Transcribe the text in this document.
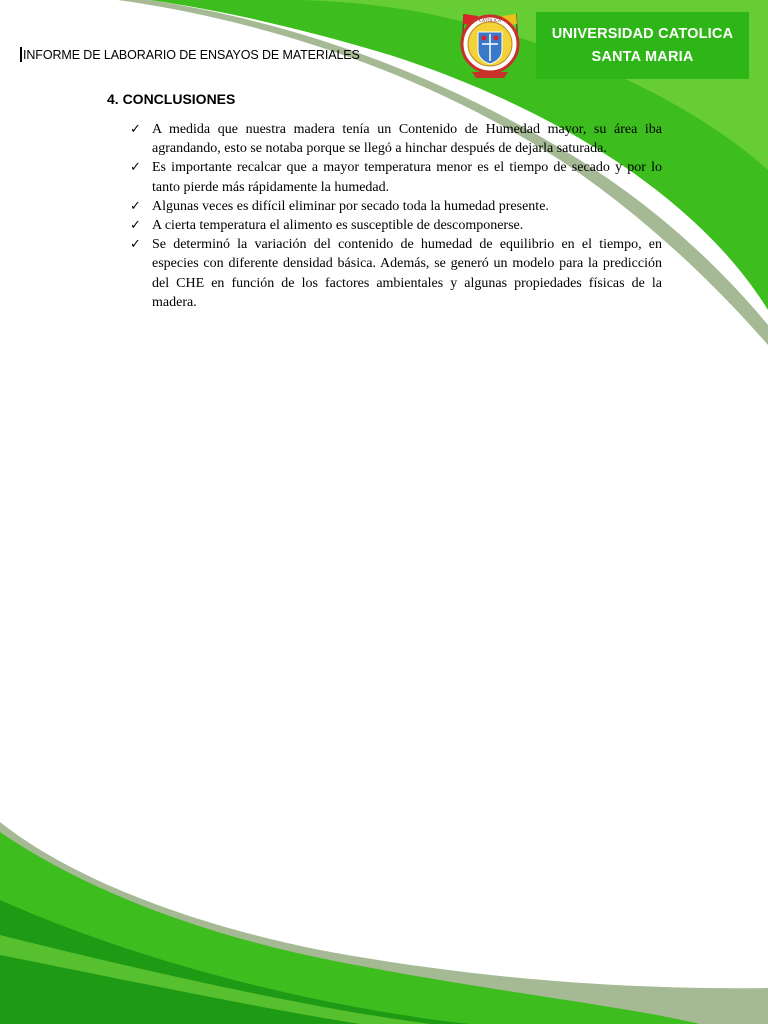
INFORME DE LABORARIO DE ENSAYOS DE MATERIALES
CATOLICA
UNIVERSIDAD CATOLICA
SANTA MARIA
4. CONCLUSIONES
✓ A medida que nuestra madera tenía un Contenido de Humedad mayor, su área iba agrandando, esto se notaba porque se llegó a hinchar después de dejarla saturada.
✓ Es importante recalcar que a mayor temperatura menor es el tiempo de secado y por lo tanto pierde más rápidamente la humedad.
✓ Algunas veces es difícil eliminar por secado toda la humedad presente.
✓ A cierta temperatura el alimento es susceptible de descomponerse.
✓ Se determinó la variación del contenido de humedad de equilibrio en el tiempo, en especies con diferente densidad básica. Además, se generó un modelo para la predicción del CHE en función de los factores ambientales y algunas propiedades físicas de la madera.
